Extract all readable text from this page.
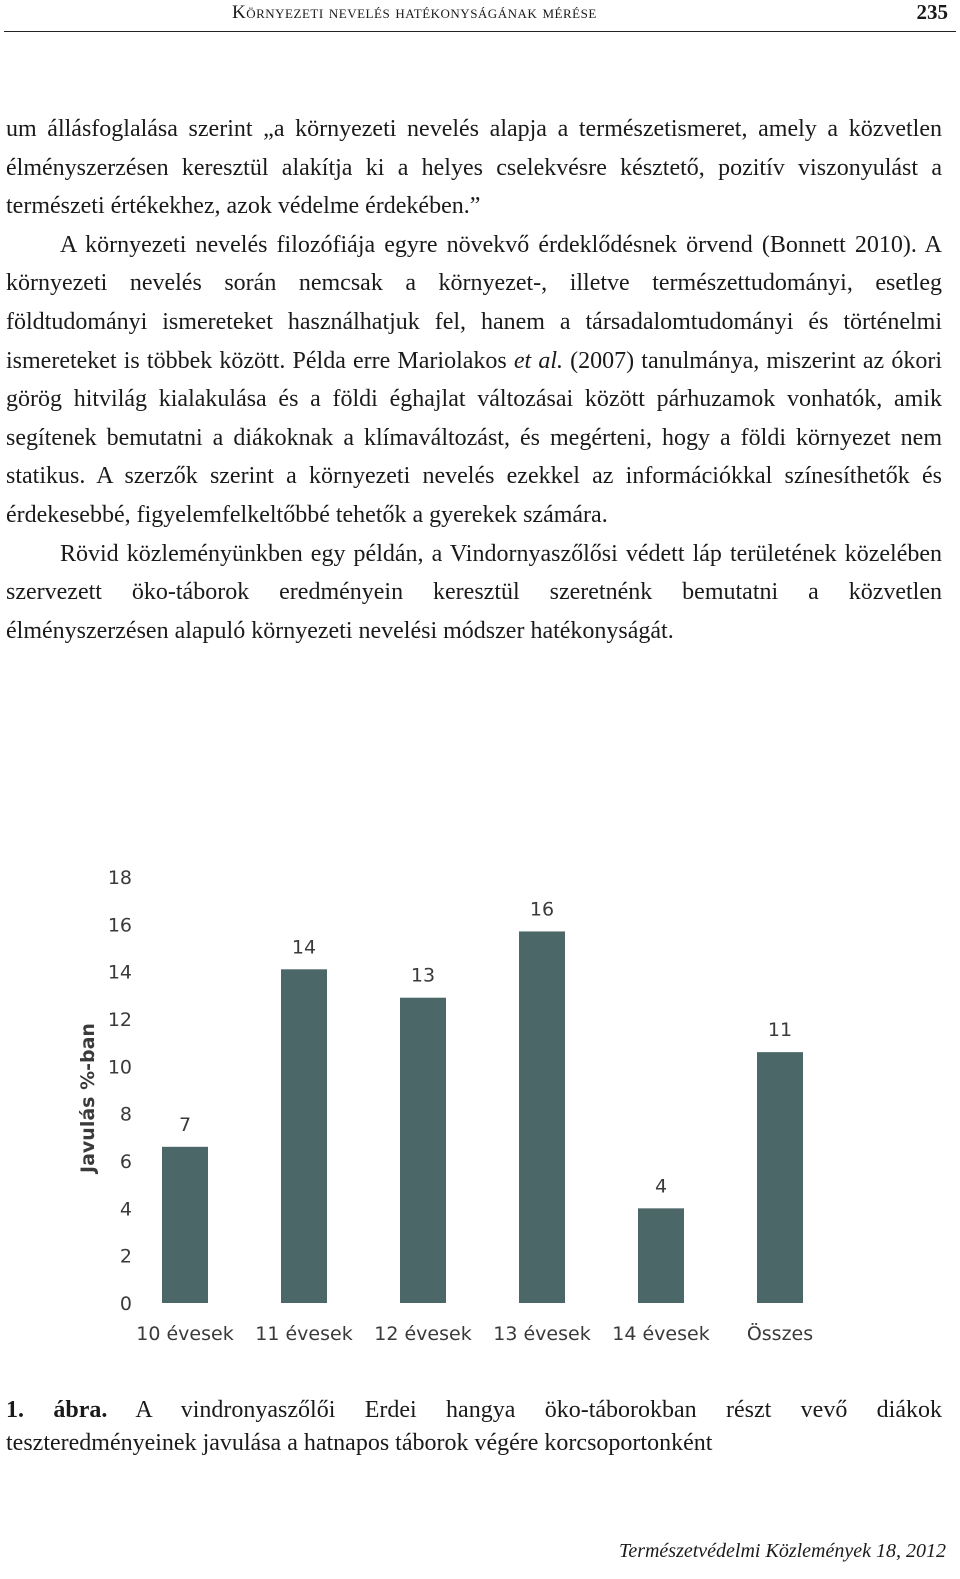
Környezeti nevelés hatékonyságának mérése	235

um állásfoglalása szerint „a környezeti nevelés alapja a természetismeret, amely a közvetlen élményszerzésen keresztül alakítja ki a helyes cselekvésre késztető, pozitív viszonyulást a természeti értékekhez, azok védelme érdekében.”

A környezeti nevelés filozófiája egyre növekvő érdeklődésnek örvend (Bonnett 2010). A környezeti nevelés során nemcsak a környezet-, illetve természettudományi, esetleg földtudományi ismereteket használhatjuk fel, hanem a társadalomtudományi és történelmi ismereteket is többek között. Példa erre Mariolakos et al. (2007) tanulmánya, miszerint az ókori görög hitvilág kialakulása és a földi éghajlat változásai között párhuzamok vonhatók, amik segítenek bemutatni a diákoknak a klímaváltozást, és megérteni, hogy a földi környezet nem statikus. A szerzők szerint a környezeti nevelés ezekkel az információkkal színesíthetők és érdekesebbé, figyelemfelkeltőbbé tehetők a gyerekek számára.

Rövid közleményünkben egy példán, a Vindornyaszőlősi védett láp területének közelében szervezett öko-táborok eredményein keresztül szeretnénk bemutatni a közvetlen élményszerzésen alapuló környezeti nevelési módszer hatékonyságát.

Javulás %-ban
0
2
4
6
8
10
12
14
16
18
7
14
13
16
4
11
10 évesek 11 évesek 12 évesek 13 évesek 14 évesek Összes
1. ábra. A vindronyaszőlői Erdei hangya öko-táborokban részt vevő diákok
teszteredményeinek javulása a hatnapos táborok végére korcsoportonként
Természetvédelmi Közlemények 18, 2012
